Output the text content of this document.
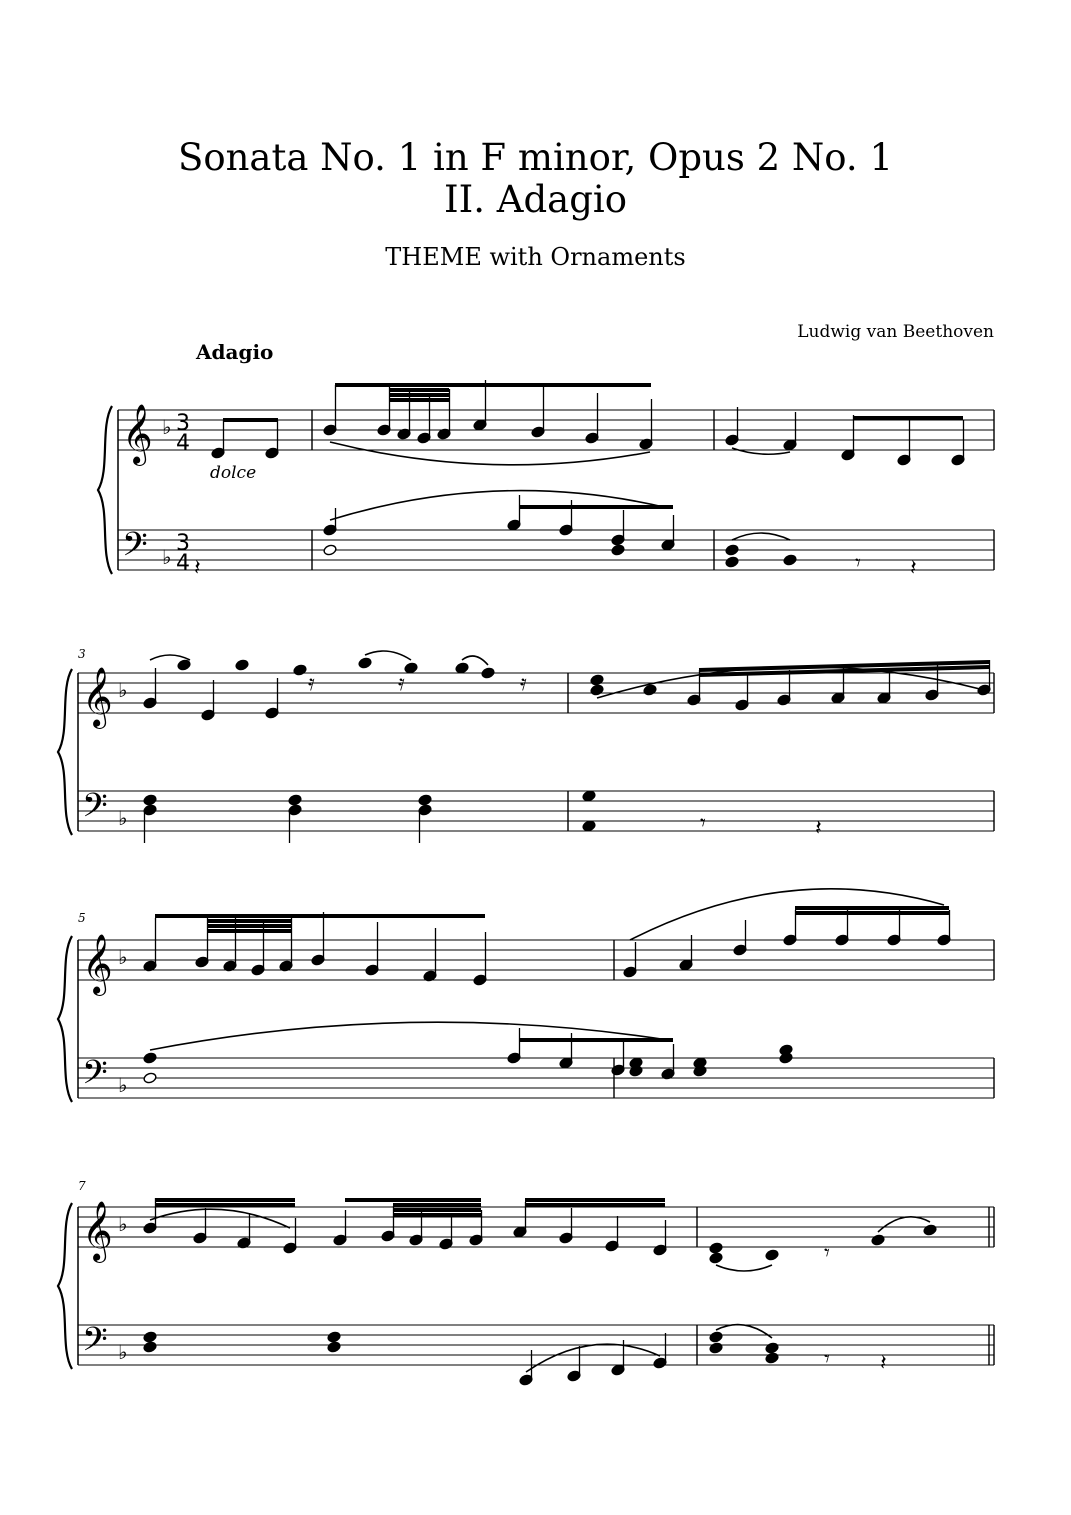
Sonata No. 1 in F minor, Opus 2 No. 1
II. Adagio
THEME with Ornaments
Ludwig van Beethoven
Adagio
𝄽	𝄾 𝄽
𝄿	𝄿	𝄿
𝄾	𝄽
𝄾
𝄾 𝄽
𝄞
𝄢
♭
♭
3
4
3
4
𝄞
𝄢
♭
♭
𝄞
𝄢
♭
♭
𝄞
𝄢
♭
♭
dolce
3
5
7
